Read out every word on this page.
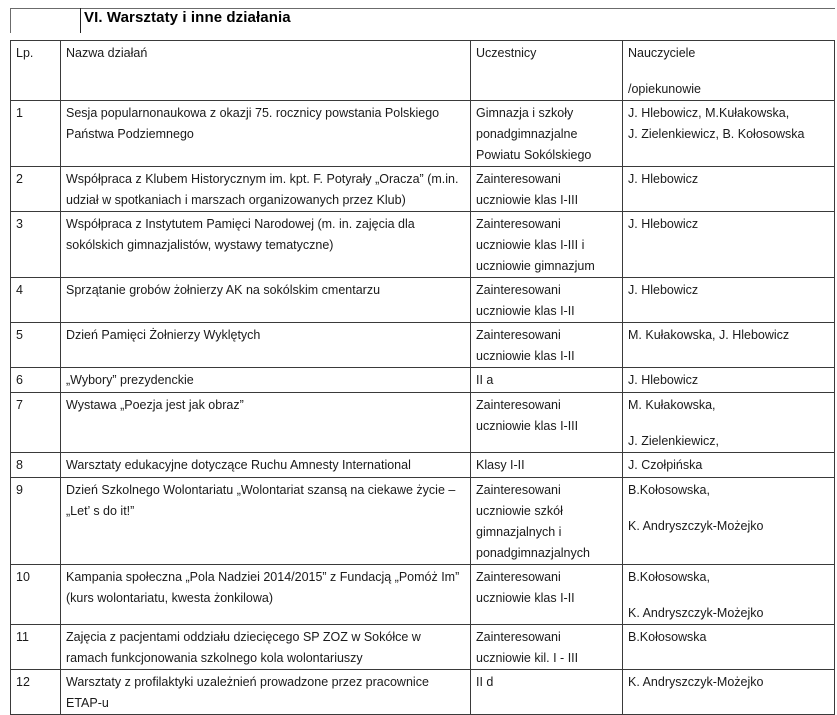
VI. Warsztaty i inne działania
Lp.	Nazwa działań	Uczestnicy	Nauczyciele
/opiekunowie

1	Sesja popularnonaukowa z okazji 75. rocznicy powstania Polskiego Państwa Podziemnego	Gimnazja i szkoły ponadgimnazjalne Powiatu Sokólskiego	J. Hlebowicz, M.Kułakowska,
J. Zielenkiewicz, B. Kołosowska

2	Współpraca z Klubem Historycznym im. kpt. F. Potyrały „Oracza” (m.in. udział w spotkaniach i marszach organizowanych przez Klub)	Zainteresowani uczniowie klas I-III	J. Hlebowicz

3	Współpraca z Instytutem Pamięci Narodowej (m. in. zajęcia dla sokólskich gimnazjalistów, wystawy tematyczne)	Zainteresowani uczniowie klas I-III i uczniowie gimnazjum	J. Hlebowicz

4	Sprzątanie grobów żołnierzy AK na sokólskim cmentarzu	Zainteresowani uczniowie klas I-II	J. Hlebowicz

5	Dzień Pamięci Żołnierzy Wyklętych	Zainteresowani uczniowie klas I-II	M. Kułakowska, J. Hlebowicz

6	„Wybory” prezydenckie	II a	J. Hlebowicz

7	Wystawa „Poezja jest jak obraz”	Zainteresowani uczniowie klas I-III	M. Kułakowska,
J. Zielenkiewicz,

8	Warsztaty edukacyjne dotyczące Ruchu Amnesty International	Klasy I-II	J. Czołpińska

9	Dzień Szkolnego Wolontariatu „Wolontariat szansą na ciekawe życie – „Let’ s do it!”	Zainteresowani uczniowie szkół gimnazjalnych i ponadgimnazjalnych	B.Kołosowska,
K. Andryszczyk-Możejko

10	Kampania społeczna „Pola Nadziei 2014/2015” z Fundacją „Pomóż Im” (kurs wolontariatu, kwesta żonkilowa)	Zainteresowani uczniowie klas I-II	B.Kołosowska,
K. Andryszczyk-Możejko

11	Zajęcia z pacjentami oddziału dziecięcego SP ZOZ w Sokółce w ramach funkcjonowania szkolnego kola wolontariuszy	Zainteresowani uczniowie kil. I - III	B.Kołosowska

12	Warsztaty z profilaktyki uzależnień prowadzone przez pracownice ETAP-u	II d	K. Andryszczyk-Możejko
